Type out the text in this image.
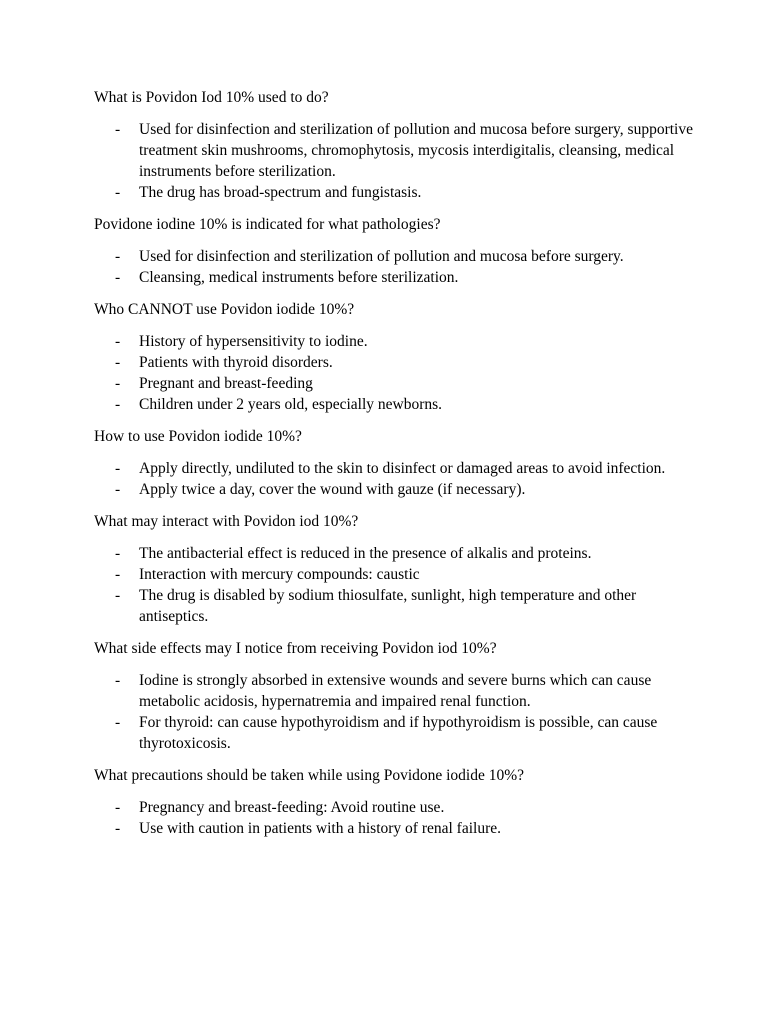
What is Povidon Iod 10% used to do?

- Used for disinfection and sterilization of pollution and mucosa before surgery, supportive treatment skin mushrooms, chromophytosis, mycosis interdigitalis, cleansing, medical instruments before sterilization.
- The drug has broad-spectrum and fungistasis.

Povidone iodine 10% is indicated for what pathologies?

- Used for disinfection and sterilization of pollution and mucosa before surgery.
- Cleansing, medical instruments before sterilization.

Who CANNOT use Povidon iodide 10%?

- History of hypersensitivity to iodine.
- Patients with thyroid disorders.
- Pregnant and breast-feeding
- Children under 2 years old, especially newborns.

How to use Povidon iodide 10%?

- Apply directly, undiluted to the skin to disinfect or damaged areas to avoid infection.
- Apply twice a day, cover the wound with gauze (if necessary).

What may interact with Povidon iod 10%?

- The antibacterial effect is reduced in the presence of alkalis and proteins.
- Interaction with mercury compounds: caustic
- The drug is disabled by sodium thiosulfate, sunlight, high temperature and other antiseptics.

What side effects may I notice from receiving Povidon iod 10%?

- Iodine is strongly absorbed in extensive wounds and severe burns which can cause metabolic acidosis, hypernatremia and impaired renal function.
- For thyroid: can cause hypothyroidism and if hypothyroidism is possible, can cause thyrotoxicosis.

What precautions should be taken while using Povidone iodide 10%?

- Pregnancy and breast-feeding: Avoid routine use.
- Use with caution in patients with a history of renal failure.
